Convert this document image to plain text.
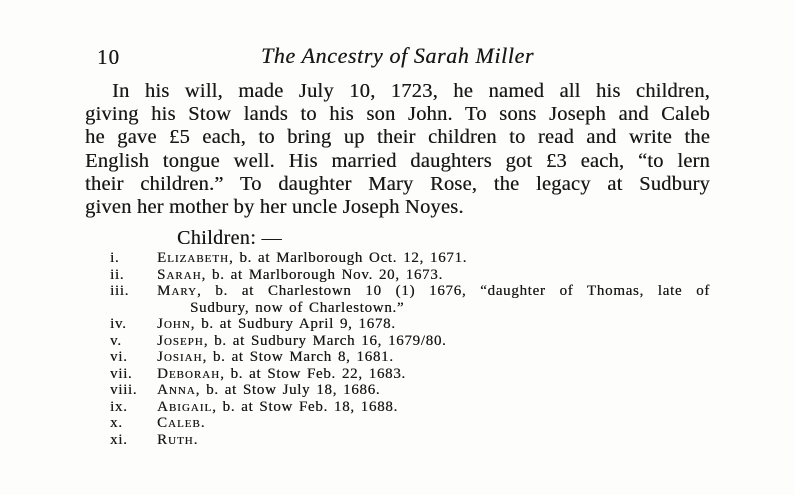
10	The Ancestry of Sarah Miller
In his will, made July 10, 1723, he named all his children,
giving his Stow lands to his son John. To sons Joseph and Caleb
he gave £5 each, to bring up their children to read and write the
English tongue well. His married daughters got £3 each, “to lern
their children.” To daughter Mary Rose, the legacy at Sudbury
given her mother by her uncle Joseph Noyes.
Children: —
i.	Elizabeth, b. at Marlborough Oct. 12, 1671.
ii.	Sarah, b. at Marlborough Nov. 20, 1673.
iii.	Mary, b. at Charlestown 10 (1) 1676, “daughter of Thomas, late of
Sudbury, now of Charlestown.”
iv.	John, b. at Sudbury April 9, 1678.
v.	Joseph, b. at Sudbury March 16, 1679/80.
vi.	Josiah, b. at Stow March 8, 1681.
vii.	Deborah, b. at Stow Feb. 22, 1683.
viii.	Anna, b. at Stow July 18, 1686.
ix.	Abigail, b. at Stow Feb. 18, 1688.
x.	Caleb.
xi.	Ruth.
